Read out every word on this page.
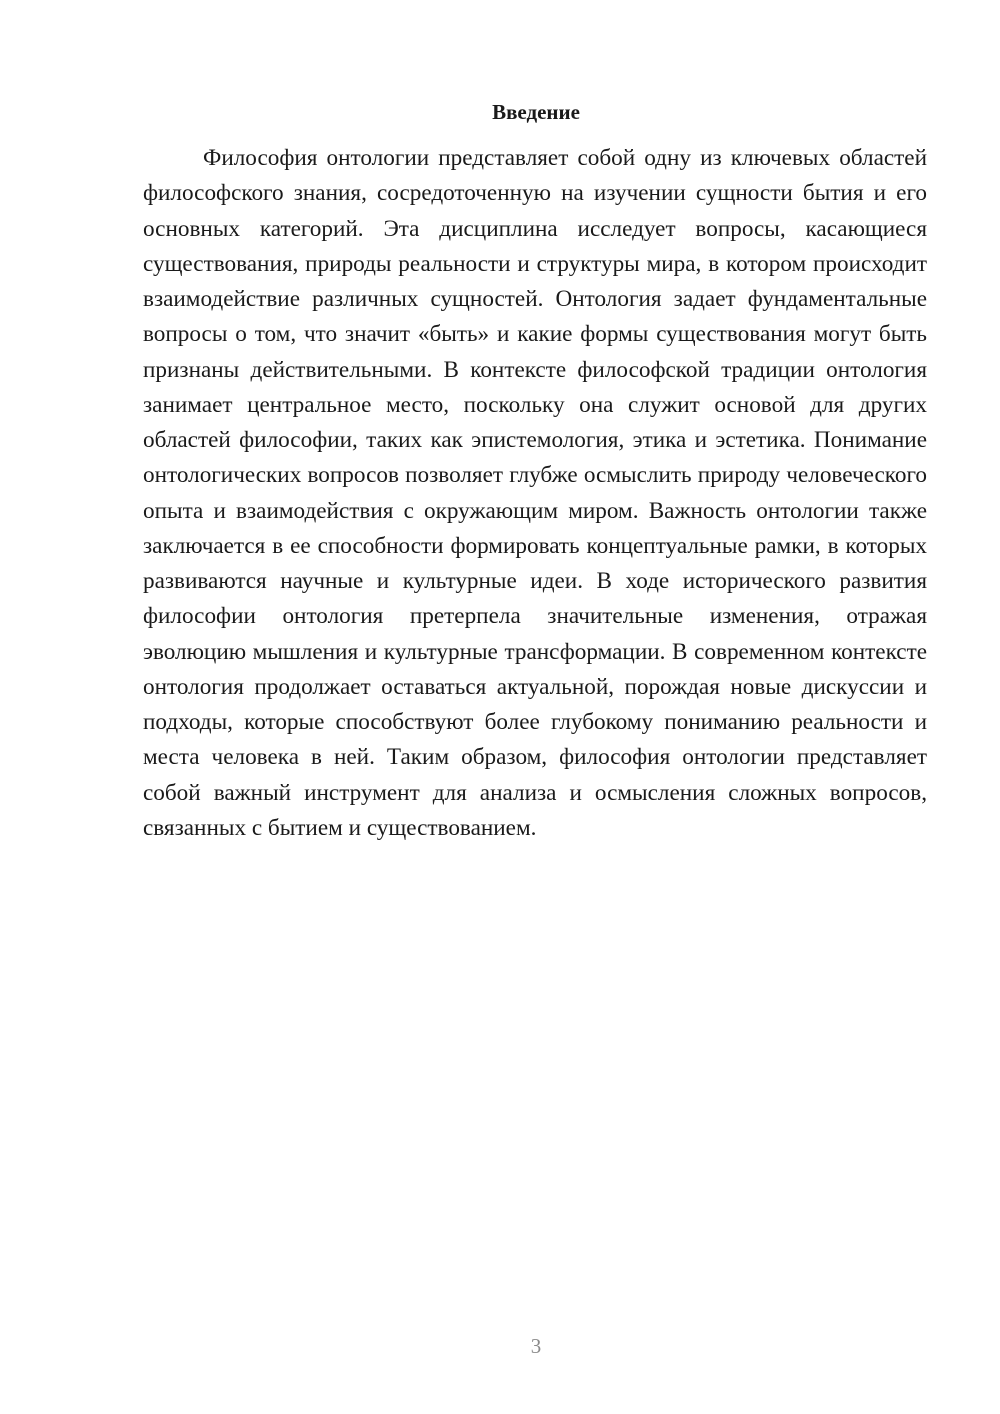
Введение

Философия онтологии представляет собой одну из ключевых областей философского знания, сосредоточенную на изучении сущности бытия и его основных категорий. Эта дисциплина исследует вопросы, касающиеся существования, природы реальности и структуры мира, в котором происходит взаимодействие различных сущностей. Онтология задает фундаментальные вопросы о том, что значит «быть» и какие формы существования могут быть признаны действительными. В контексте философской традиции онтология занимает центральное место, поскольку она служит основой для других областей философии, таких как эпистемология, этика и эстетика. Понимание онтологических вопросов позволяет глубже осмыслить природу человеческого опыта и взаимодействия с окружающим миром. Важность онтологии также заключается в ее способности формировать концептуальные рамки, в которых развиваются научные и культурные идеи. В ходе исторического развития философии онтология претерпела значительные изменения, отражая эволюцию мышления и культурные трансформации. В современном контексте онтология продолжает оставаться актуальной, порождая новые дискуссии и подходы, которые способствуют более глубокому пониманию реальности и места человека в ней. Таким образом, философия онтологии представляет собой важный инструмент для анализа и осмысления сложных вопросов, связанных с бытием и существованием.

3
